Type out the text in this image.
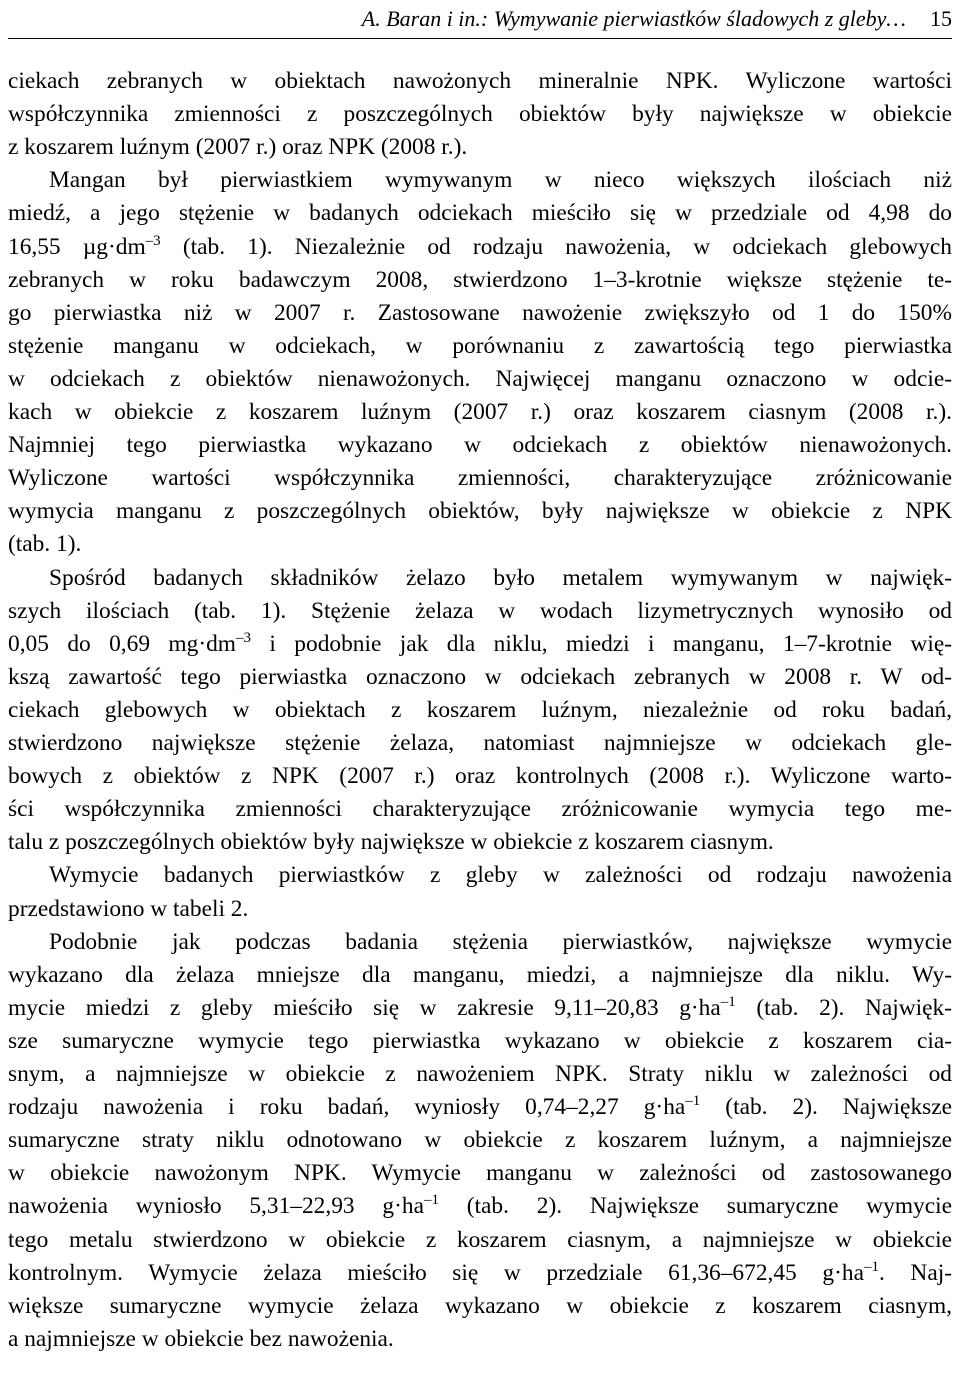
A. Baran i in.: Wymywanie pierwiastków śladowych z gleby… 15
ciekach zebranych w obiektach nawożonych mineralnie NPK. Wyliczone wartości
współczynnika zmienności z poszczególnych obiektów były największe w obiekcie
z koszarem luźnym (2007 r.) oraz NPK (2008 r.).
Mangan był pierwiastkiem wymywanym w nieco większych ilościach niż
miedź, a jego stężenie w badanych odciekach mieściło się w przedziale od 4,98 do
16,55 $\mu g\cdot dm^{-3}$ (tab. 1). Niezależnie od rodzaju nawożenia, w odciekach glebowych
zebranych w roku badawczym 2008, stwierdzono 1–3-krotnie większe stężenie te-
go pierwiastka niż w 2007 r. Zastosowane nawożenie zwiększyło od 1 do 150%
stężenie manganu w odciekach, w porównaniu z zawartością tego pierwiastka
w odciekach z obiektów nienawożonych. Najwięcej manganu oznaczono w odcie-
kach w obiekcie z koszarem luźnym (2007 r.) oraz koszarem ciasnym (2008 r.).
Najmniej tego pierwiastka wykazano w odciekach z obiektów nienawożonych.
Wyliczone wartości współczynnika zmienności, charakteryzujące zróżnicowanie
wymycia manganu z poszczególnych obiektów, były największe w obiekcie z NPK
(tab. 1).
Spośród badanych składników żelazo było metalem wymywanym w najwięk-
szych ilościach (tab. 1). Stężenie żelaza w wodach lizymetrycznych wynosiło od
0,05 do 0,69 $mg\cdot dm^{-3}$ i podobnie jak dla niklu, miedzi i manganu, 1–7-krotnie wię-
kszą zawartość tego pierwiastka oznaczono w odciekach zebranych w 2008 r. W od-
ciekach glebowych w obiektach z koszarem luźnym, niezależnie od roku badań,
stwierdzono największe stężenie żelaza, natomiast najmniejsze w odciekach gle-
bowych z obiektów z NPK (2007 r.) oraz kontrolnych (2008 r.). Wyliczone warto-
ści współczynnika zmienności charakteryzujące zróżnicowanie wymycia tego me-
talu z poszczególnych obiektów były największe w obiekcie z koszarem ciasnym.
Wymycie badanych pierwiastków z gleby w zależności od rodzaju nawożenia
przedstawiono w tabeli 2.
Podobnie jak podczas badania stężenia pierwiastków, największe wymycie
wykazano dla żelaza mniejsze dla manganu, miedzi, a najmniejsze dla niklu. Wy-
mycie miedzi z gleby mieściło się w zakresie 9,11–20,83 $g\cdot ha^{-1}$ (tab. 2). Najwięk-
sze sumaryczne wymycie tego pierwiastka wykazano w obiekcie z koszarem cia-
snym, a najmniejsze w obiekcie z nawożeniem NPK. Straty niklu w zależności od
rodzaju nawożenia i roku badań, wyniosły 0,74–2,27 $g\cdot ha^{-1}$ (tab. 2). Największe
sumaryczne straty niklu odnotowano w obiekcie z koszarem luźnym, a najmniejsze
w obiekcie nawożonym NPK. Wymycie manganu w zależności od zastosowanego
nawożenia wyniosło 5,31–22,93 $g\cdot ha^{-1}$ (tab. 2). Największe sumaryczne wymycie
tego metalu stwierdzono w obiekcie z koszarem ciasnym, a najmniejsze w obiekcie
kontrolnym. Wymycie żelaza mieściło się w przedziale 61,36–672,45 $g\cdot ha^{-1}$. Naj-
większe sumaryczne wymycie żelaza wykazano w obiekcie z koszarem ciasnym,
a najmniejsze w obiekcie bez nawożenia.
